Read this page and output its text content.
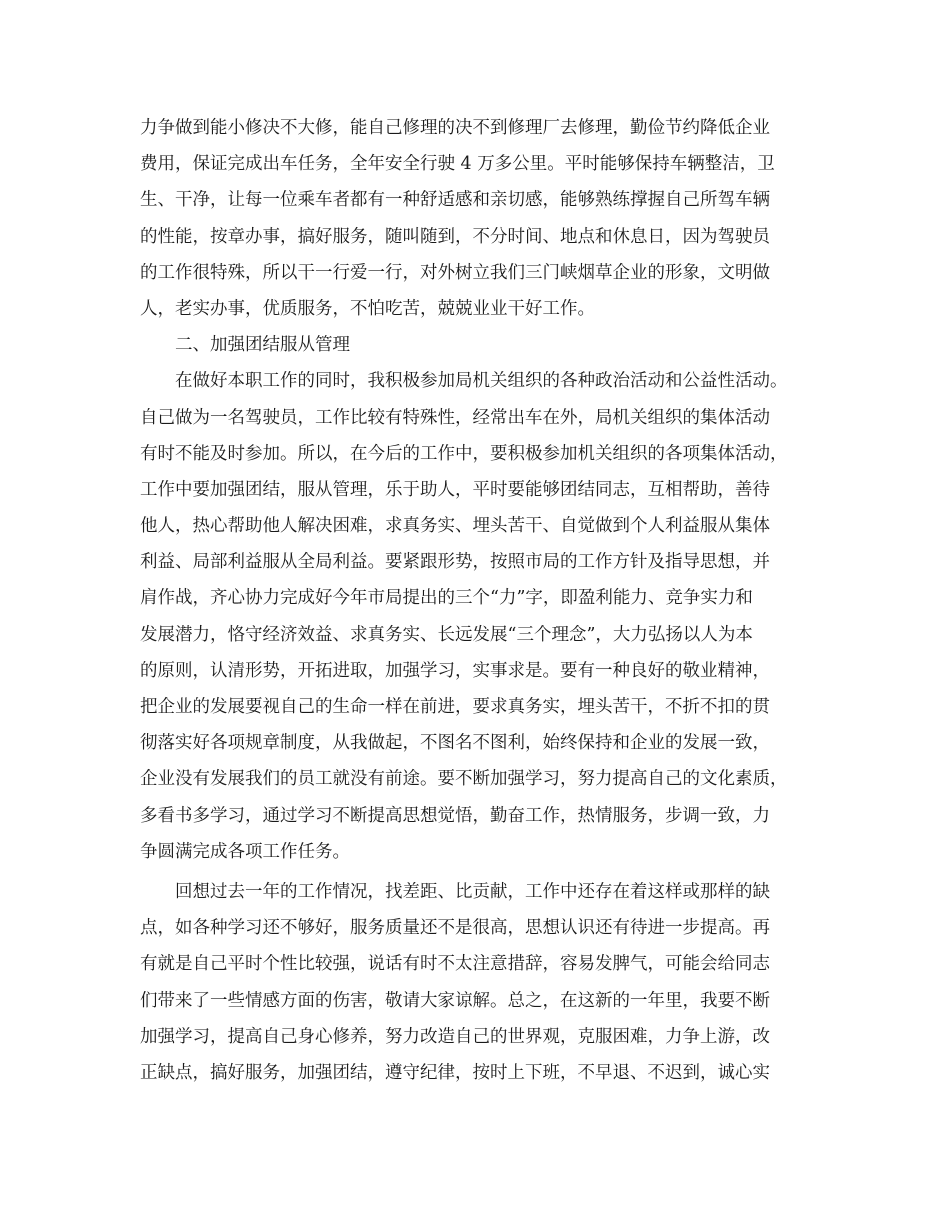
力争做到能小修决不大修，能自己修理的决不到修理厂去修理，勤俭节约降低企业
费用，保证完成出车任务，全年安全行驶 4 万多公里。平时能够保持车辆整洁，卫
生、干净，让每一位乘车者都有一种舒适感和亲切感，能够熟练撑握自己所驾车辆
的性能，按章办事，搞好服务，随叫随到，不分时间、地点和休息日，因为驾驶员
的工作很特殊，所以干一行爱一行，对外树立我们三门峡烟草企业的形象，文明做
人，老实办事，优质服务，不怕吃苦，兢兢业业干好工作。
二、加强团结服从管理
在做好本职工作的同时，我积极参加局机关组织的各种政治活动和公益性活动。
自己做为一名驾驶员，工作比较有特殊性，经常出车在外，局机关组织的集体活动
有时不能及时参加。所以，在今后的工作中，要积极参加机关组织的各项集体活动，
工作中要加强团结，服从管理，乐于助人，平时要能够团结同志，互相帮助，善待
他人，热心帮助他人解决困难，求真务实、埋头苦干、自觉做到个人利益服从集体
利益、局部利益服从全局利益。要紧跟形势，按照市局的工作方针及指导思想，并
肩作战，齐心协力完成好今年市局提出的三个“力”字，即盈利能力、竞争实力和
发展潜力，恪守经济效益、求真务实、长远发展“三个理念”，大力弘扬以人为本
的原则，认清形势，开拓进取，加强学习，实事求是。要有一种良好的敬业精神，
把企业的发展要视自己的生命一样在前进，要求真务实，埋头苦干，不折不扣的贯
彻落实好各项规章制度，从我做起，不图名不图利，始终保持和企业的发展一致，
企业没有发展我们的员工就没有前途。要不断加强学习，努力提高自己的文化素质，
多看书多学习，通过学习不断提高思想觉悟，勤奋工作，热情服务，步调一致，力
争圆满完成各项工作任务。
回想过去一年的工作情况，找差距、比贡献，工作中还存在着这样或那样的缺
点，如各种学习还不够好，服务质量还不是很高，思想认识还有待进一步提高。再
有就是自己平时个性比较强，说话有时不太注意措辞，容易发脾气，可能会给同志
们带来了一些情感方面的伤害，敬请大家谅解。总之，在这新的一年里，我要不断
加强学习，提高自己身心修养，努力改造自己的世界观，克服困难，力争上游，改
正缺点，搞好服务，加强团结，遵守纪律，按时上下班，不早退、不迟到，诚心实
